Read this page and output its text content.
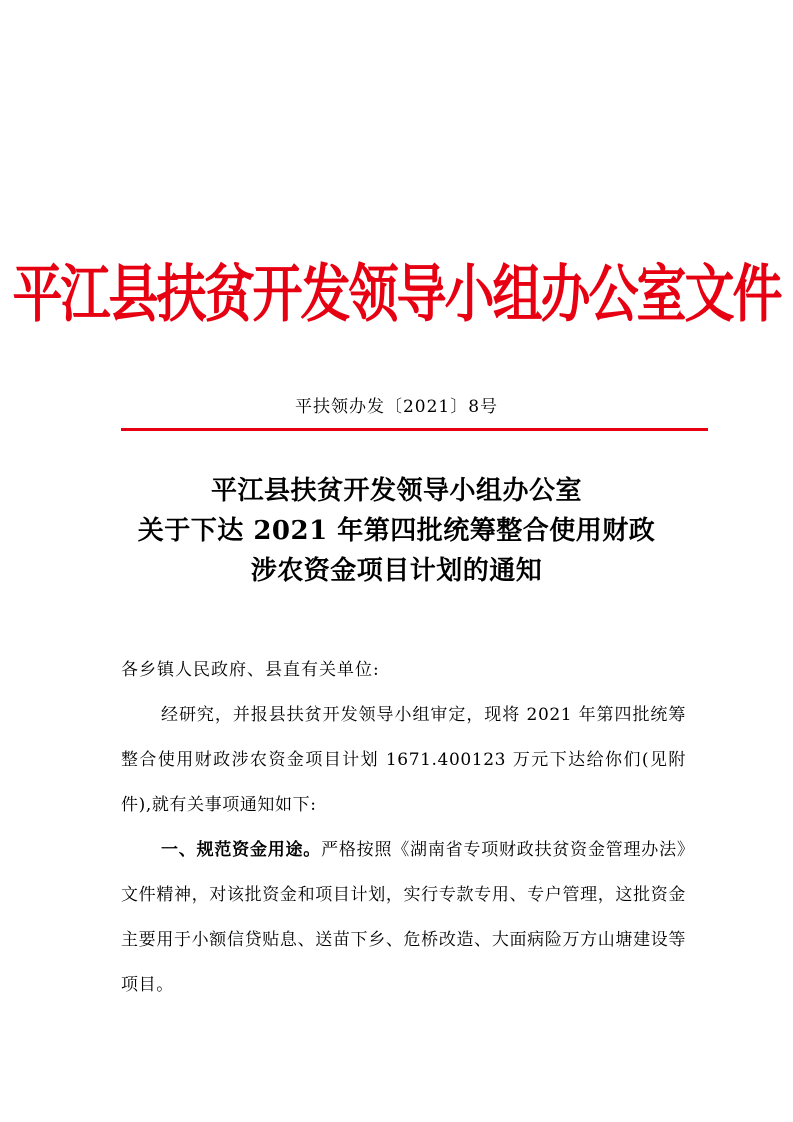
平江县扶贫开发领导小组办公室文件
平扶领办发〔2021〕8号
平江县扶贫开发领导小组办公室
关于下达 2021 年第四批统筹整合使用财政
涉农资金项目计划的通知

各乡镇人民政府、县直有关单位:

经研究，并报县扶贫开发领导小组审定，现将 2021 年第四批统筹整合使用财政涉农资金项目计划 1671.400123 万元下达给你们(见附件),就有关事项通知如下:

一、规范资金用途。严格按照《湖南省专项财政扶贫资金管理办法》文件精神，对该批资金和项目计划，实行专款专用、专户管理，这批资金主要用于小额信贷贴息、送苗下乡、危桥改造、大面病险万方山塘建设等项目。
